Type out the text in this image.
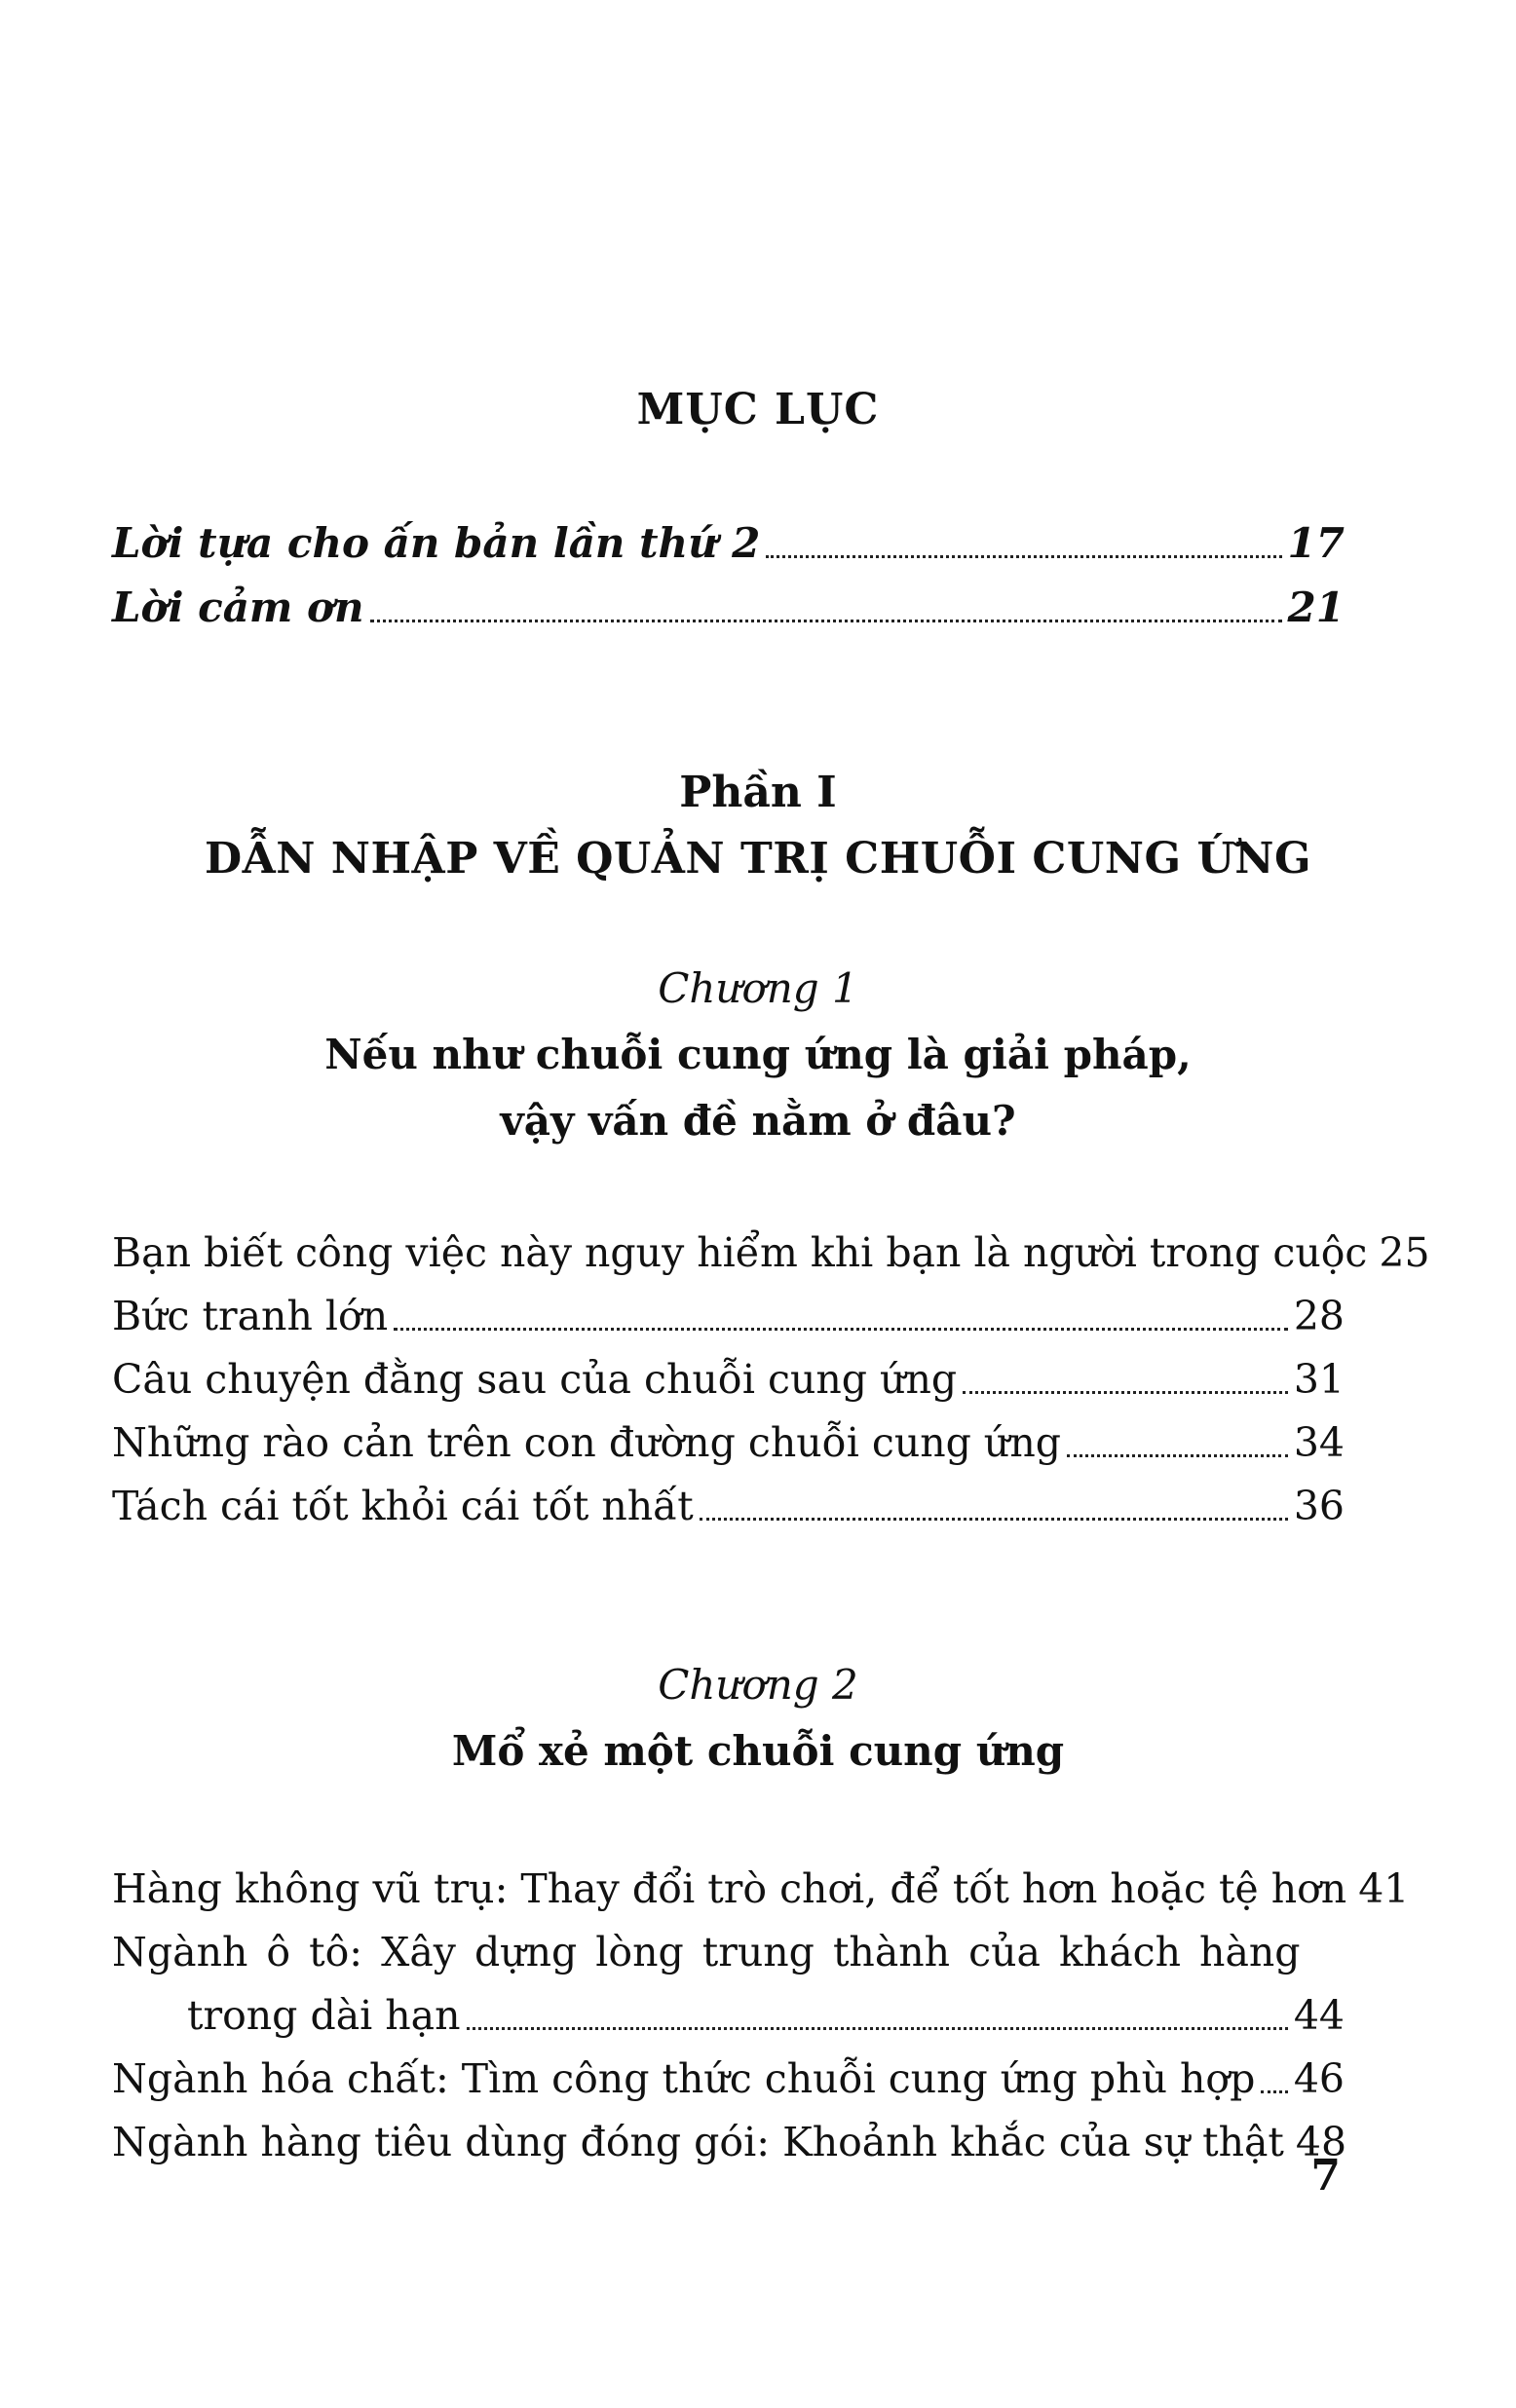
MỤC LỤC
Lời tựa cho ấn bản lần thứ 2	17
Lời cảm ơn	21
Phần I
DẪN NHẬP VỀ QUẢN TRỊ CHUỖI CUNG ỨNG
Chương 1
Nếu như chuỗi cung ứng là giải pháp,
vậy vấn đề nằm ở đâu?
Bạn biết công việc này nguy hiểm khi bạn là người trong cuộc 25
Bức tranh lớn	28
Câu chuyện đằng sau của chuỗi cung ứng	31
Những rào cản trên con đường chuỗi cung ứng	34
Tách cái tốt khỏi cái tốt nhất	36
Chương 2
Mổ xẻ một chuỗi cung ứng
Hàng không vũ trụ: Thay đổi trò chơi, để tốt hơn hoặc tệ hơn 41
Ngành ô tô: Xây dựng lòng trung thành của khách hàng
trong dài hạn	44
Ngành hóa chất: Tìm công thức chuỗi cung ứng phù hợp 46
Ngành hàng tiêu dùng đóng gói: Khoảnh khắc của sự thật 48
7
